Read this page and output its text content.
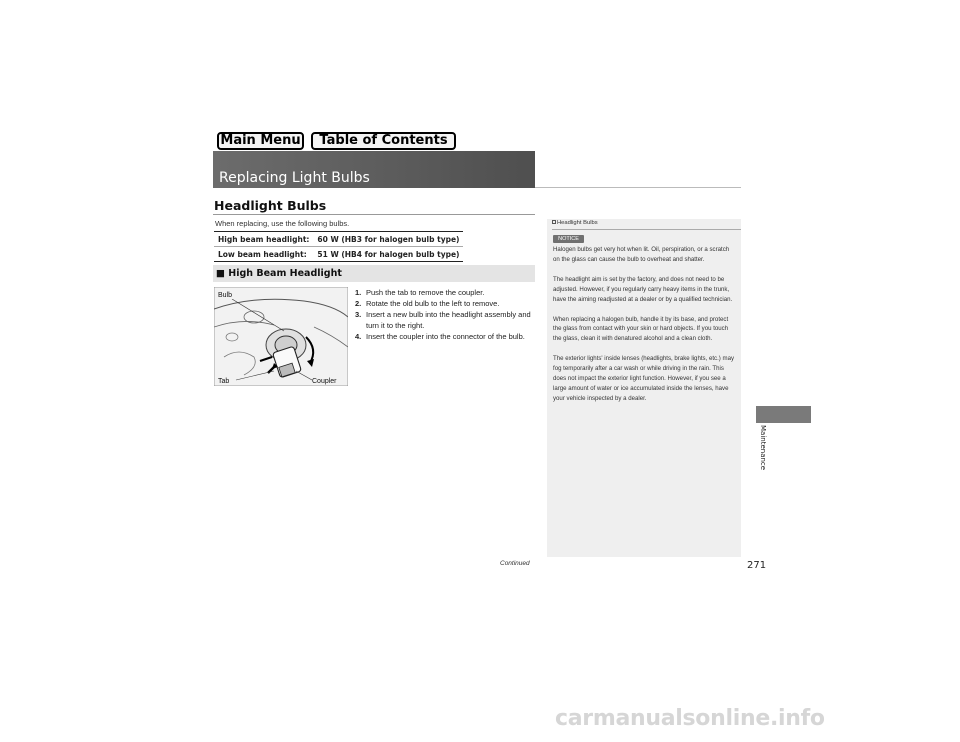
Main Menu	Table of Contents
Replacing Light Bulbs
Headlight Bulbs
When replacing, use the following bulbs.
High beam headlight:	60 W (HB3 for halogen bulb type)
Low beam headlight:	51 W (HB4 for halogen bulb type)
■ High Beam Headlight
Bulb
Tab	Coupler
1. Push the tab to remove the coupler.
2. Rotate the old bulb to the left to remove.
3. Insert a new bulb into the headlight assembly and turn it to the right.
4. Insert the coupler into the connector of the bulb.
Headlight Bulbs
NOTICE

Halogen bulbs get very hot when lit. Oil, perspiration, or a scratch on the glass can cause the bulb to overheat and shatter.

The headlight aim is set by the factory, and does not need to be adjusted. However, if you regularly carry heavy items in the trunk, have the aiming readjusted at a dealer or by a qualified technician.

When replacing a halogen bulb, handle it by its base, and protect the glass from contact with your skin or hard objects. If you touch the glass, clean it with denatured alcohol and a clean cloth.

The exterior lights' inside lenses (headlights, brake lights, etc.) may fog temporarily after a car wash or while driving in the rain. This does not impact the exterior light function. However, if you see a large amount of water or ice accumulated inside the lenses, have your vehicle inspected by a dealer.

Maintenance
Continued	271
carmanualsonline.info
